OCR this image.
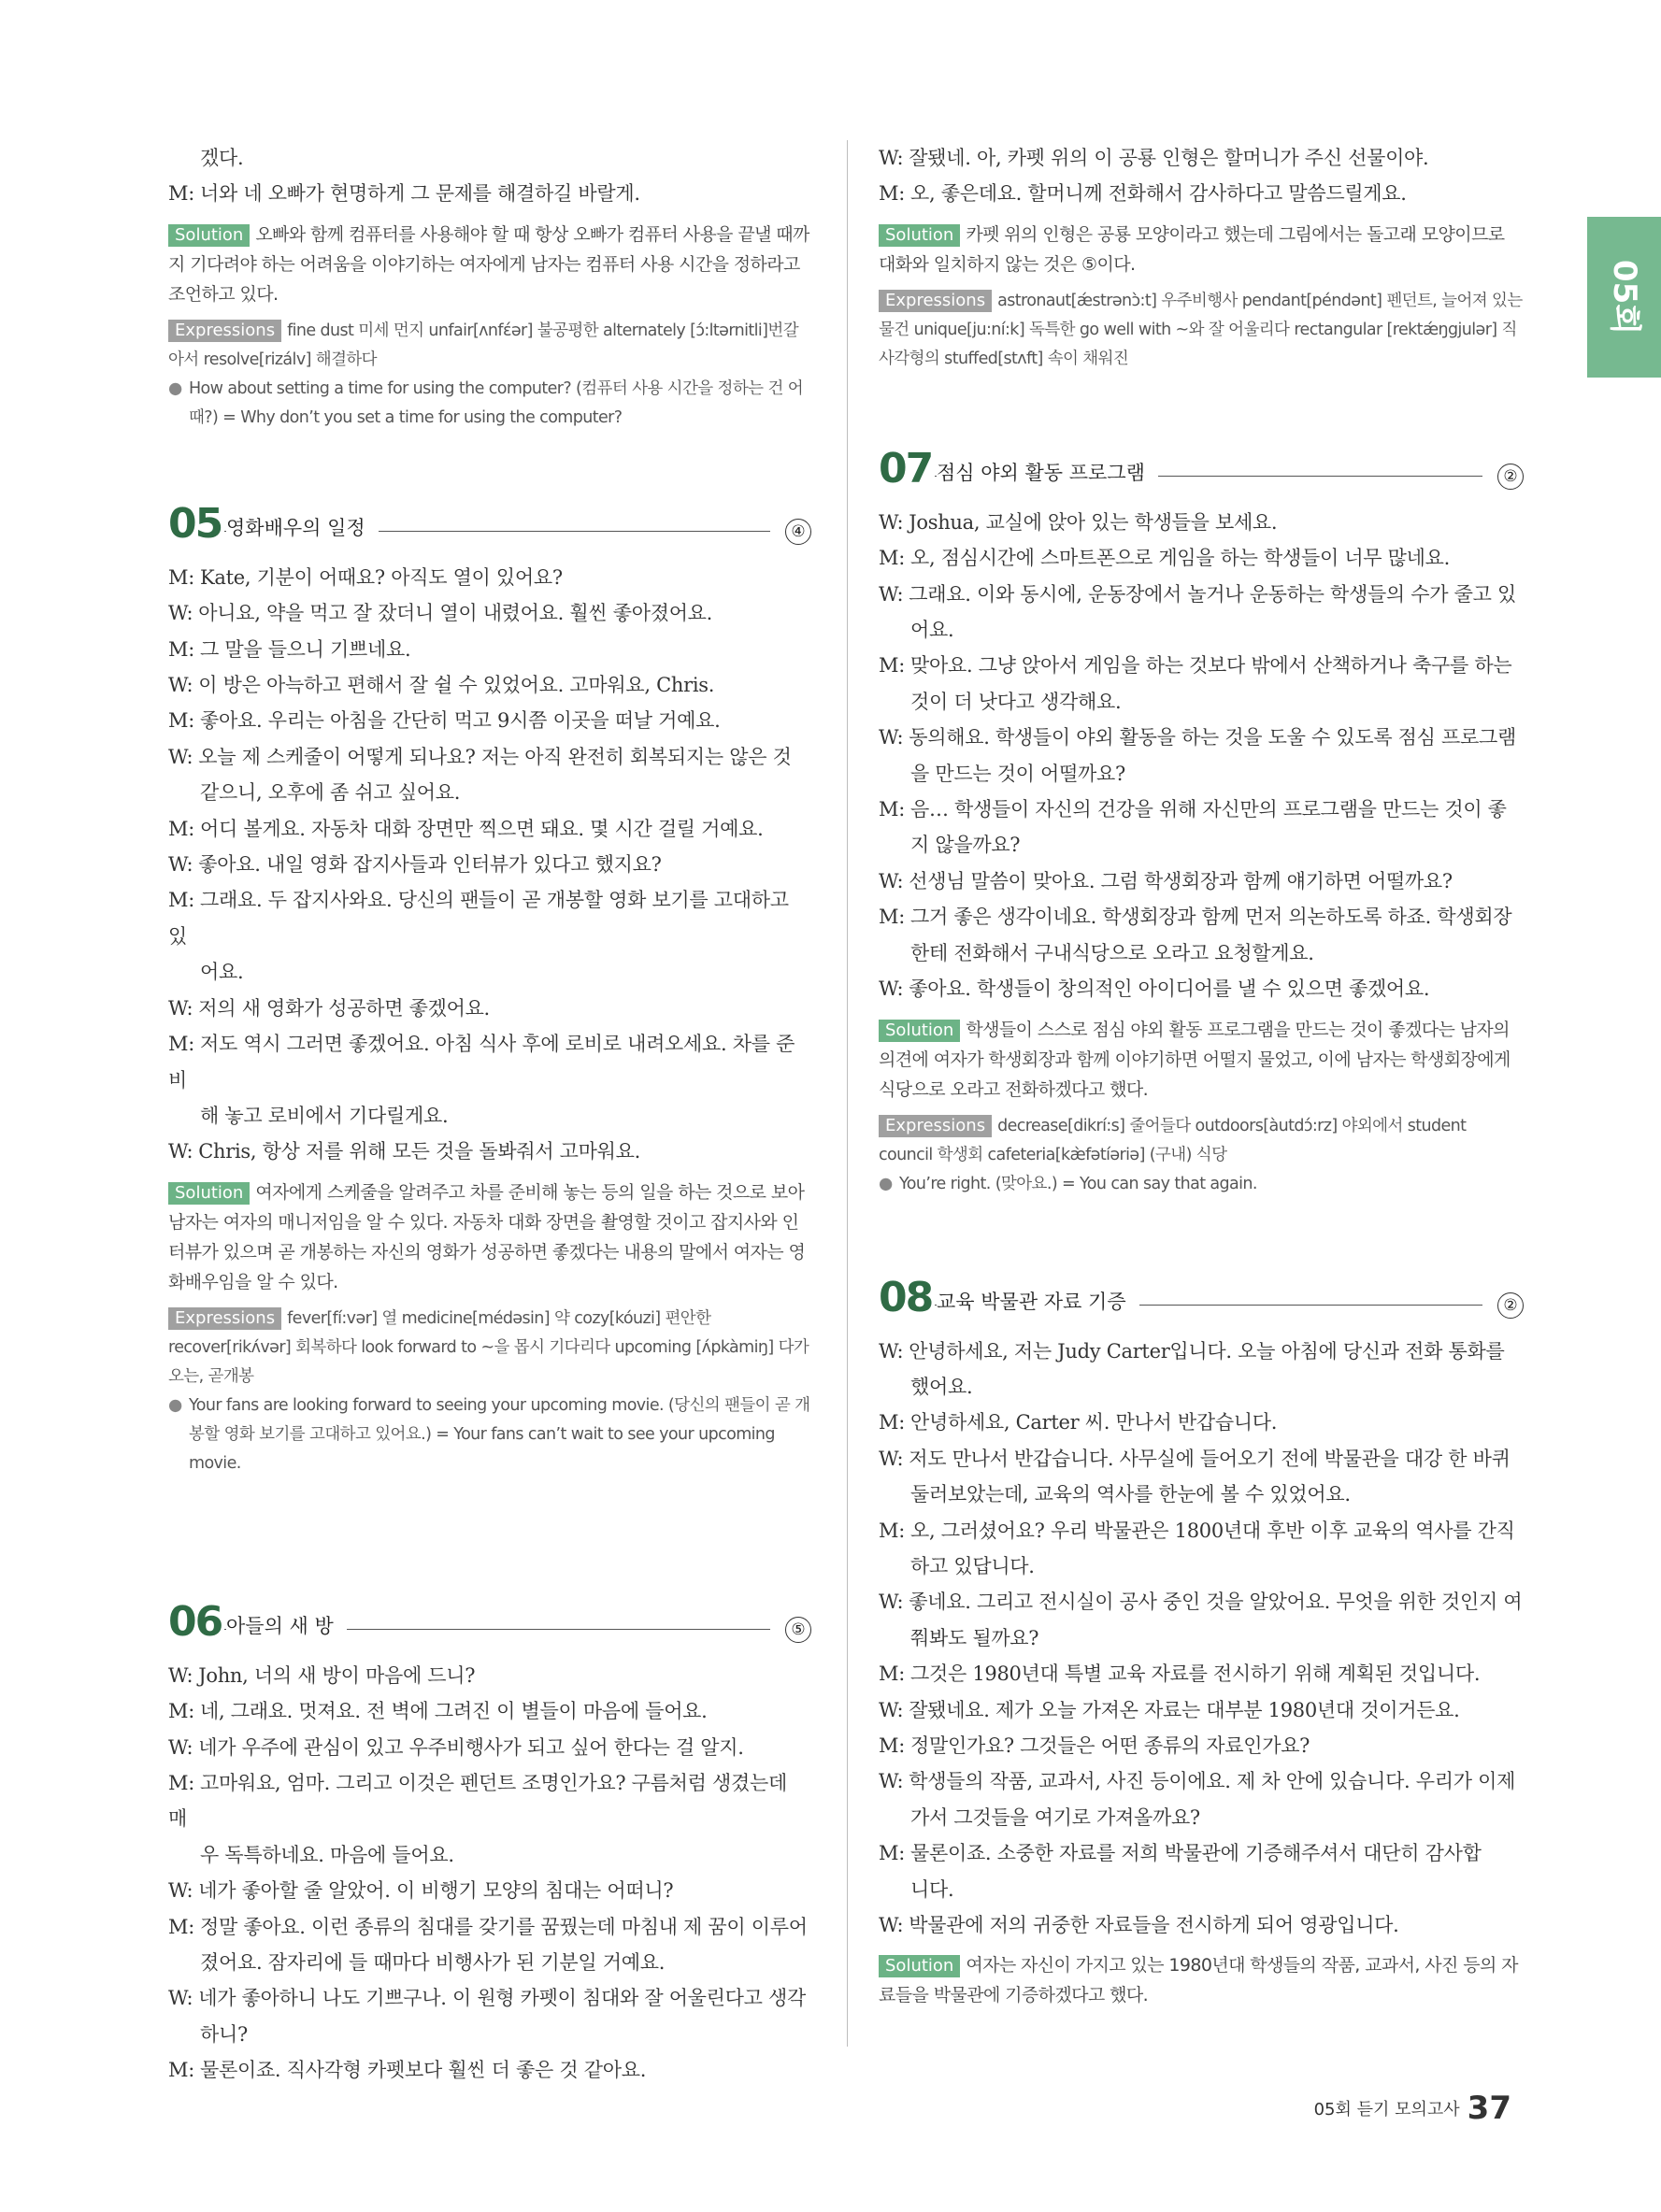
겠다.
M: 너와 네 오빠가 현명하게 그 문제를 해결하길 바랄게.
Solution 오빠와 함께 컴퓨터를 사용해야 할 때 항상 오빠가 컴퓨터 사용을 끝낼 때까지 기다려야 하는 어려움을 이야기하는 여자에게 남자는 컴퓨터 사용 시간을 정하라고 조언하고 있다.
Expressions fine dust 미세 먼지 unfair[ʌnfέər] 불공평한 alternately [ɔ́:ltərnitli]번갈아서 resolve[rizálv] 해결하다
● How about setting a time for using the computer? (컴퓨터 사용 시간을 정하는 건 어때?) = Why don’t you set a time for using the computer?
05 영화배우의 일정	④
M: Kate, 기분이 어때요? 아직도 열이 있어요?
W: 아니요, 약을 먹고 잘 잤더니 열이 내렸어요. 훨씬 좋아졌어요.
M: 그 말을 들으니 기쁘네요.
W: 이 방은 아늑하고 편해서 잘 쉴 수 있었어요. 고마워요, Chris.
M: 좋아요. 우리는 아침을 간단히 먹고 9시쯤 이곳을 떠날 거예요.
W: 오늘 제 스케줄이 어떻게 되나요? 저는 아직 완전히 회복되지는 않은 것
같으니, 오후에 좀 쉬고 싶어요.
M: 어디 볼게요. 자동차 대화 장면만 찍으면 돼요. 몇 시간 걸릴 거예요.
W: 좋아요. 내일 영화 잡지사들과 인터뷰가 있다고 했지요?
M: 그래요. 두 잡지사와요. 당신의 팬들이 곧 개봉할 영화 보기를 고대하고 있
어요.
W: 저의 새 영화가 성공하면 좋겠어요.
M: 저도 역시 그러면 좋겠어요. 아침 식사 후에 로비로 내려오세요. 차를 준비
해 놓고 로비에서 기다릴게요.
W: Chris, 항상 저를 위해 모든 것을 돌봐줘서 고마워요.
Solution 여자에게 스케줄을 알려주고 차를 준비해 놓는 등의 일을 하는 것으로 보아 남자는 여자의 매니저임을 알 수 있다. 자동차 대화 장면을 촬영할 것이고 잡지사와 인터뷰가 있으며 곧 개봉하는 자신의 영화가 성공하면 좋겠다는 내용의 말에서 여자는 영화배우임을 알 수 있다.
Expressions fever[fí:vər] 열 medicine[médəsin] 약 cozy[kóuzi] 편안한 recover[rikʌ́vər] 회복하다 look forward to ~을 몹시 기다리다 upcoming [ʌ́pkàmiŋ] 다가오는, 곧개봉
● Your fans are looking forward to seeing your upcoming movie. (당신의 팬들이 곧 개봉할 영화 보기를 고대하고 있어요.) = Your fans can’t wait to see your upcoming movie.
06 아들의 새 방	⑤
W: John, 너의 새 방이 마음에 드니?
M: 네, 그래요. 멋져요. 전 벽에 그려진 이 별들이 마음에 들어요.
W: 네가 우주에 관심이 있고 우주비행사가 되고 싶어 한다는 걸 알지.
M: 고마워요, 엄마. 그리고 이것은 펜던트 조명인가요? 구름처럼 생겼는데 매
우 독특하네요. 마음에 들어요.
W: 네가 좋아할 줄 알았어. 이 비행기 모양의 침대는 어떠니?
M: 정말 좋아요. 이런 종류의 침대를 갖기를 꿈꿨는데 마침내 제 꿈이 이루어
졌어요. 잠자리에 들 때마다 비행사가 된 기분일 거예요.
W: 네가 좋아하니 나도 기쁘구나. 이 원형 카펫이 침대와 잘 어울린다고 생각
하니?
M: 물론이죠. 직사각형 카펫보다 훨씬 더 좋은 것 같아요.
W: 잘됐네. 아, 카펫 위의 이 공룡 인형은 할머니가 주신 선물이야.
M: 오, 좋은데요. 할머니께 전화해서 감사하다고 말씀드릴게요.
Solution 카펫 위의 인형은 공룡 모양이라고 했는데 그림에서는 돌고래 모양이므로 대화와 일치하지 않는 것은 ⑤이다.
Expressions astronaut[ǽstrənɔ̀:t] 우주비행사 pendant[péndənt] 펜던트, 늘어져 있는 물건 unique[ju:ní:k] 독특한 go well with ~와 잘 어울리다 rectangular [rektǽŋgjulər] 직사각형의 stuffed[stʌft] 속이 채워진
07 점심 야외 활동 프로그램	②
W: Joshua, 교실에 앉아 있는 학생들을 보세요.
M: 오, 점심시간에 스마트폰으로 게임을 하는 학생들이 너무 많네요.
W: 그래요. 이와 동시에, 운동장에서 놀거나 운동하는 학생들의 수가 줄고 있
어요.
M: 맞아요. 그냥 앉아서 게임을 하는 것보다 밖에서 산책하거나 축구를 하는
것이 더 낫다고 생각해요.
W: 동의해요. 학생들이 야외 활동을 하는 것을 도울 수 있도록 점심 프로그램
을 만드는 것이 어떨까요?
M: 음… 학생들이 자신의 건강을 위해 자신만의 프로그램을 만드는 것이 좋
지 않을까요?
W: 선생님 말씀이 맞아요. 그럼 학생회장과 함께 얘기하면 어떨까요?
M: 그거 좋은 생각이네요. 학생회장과 함께 먼저 의논하도록 하죠. 학생회장
한테 전화해서 구내식당으로 오라고 요청할게요.
W: 좋아요. 학생들이 창의적인 아이디어를 낼 수 있으면 좋겠어요.
Solution 학생들이 스스로 점심 야외 활동 프로그램을 만드는 것이 좋겠다는 남자의 의견에 여자가 학생회장과 함께 이야기하면 어떨지 물었고, 이에 남자는 학생회장에게 식당으로 오라고 전화하겠다고 했다.
Expressions decrease[dikrí:s] 줄어들다 outdoors[àutdɔ́:rz] 야외에서 student council 학생회 cafeteria[kæ̀fətíəriə] (구내) 식당
● You’re right. (맞아요.) = You can say that again.
08 교육 박물관 자료 기증	②
W: 안녕하세요, 저는 Judy Carter입니다. 오늘 아침에 당신과 전화 통화를
했어요.
M: 안녕하세요, Carter 씨. 만나서 반갑습니다.
W: 저도 만나서 반갑습니다. 사무실에 들어오기 전에 박물관을 대강 한 바퀴
둘러보았는데, 교육의 역사를 한눈에 볼 수 있었어요.
M: 오, 그러셨어요? 우리 박물관은 1800년대 후반 이후 교육의 역사를 간직
하고 있답니다.
W: 좋네요. 그리고 전시실이 공사 중인 것을 알았어요. 무엇을 위한 것인지 여
쭤봐도 될까요?
M: 그것은 1980년대 특별 교육 자료를 전시하기 위해 계획된 것입니다.
W: 잘됐네요. 제가 오늘 가져온 자료는 대부분 1980년대 것이거든요.
M: 정말인가요? 그것들은 어떤 종류의 자료인가요?
W: 학생들의 작품, 교과서, 사진 등이에요. 제 차 안에 있습니다. 우리가 이제
가서 그것들을 여기로 가져올까요?
M: 물론이죠. 소중한 자료를 저희 박물관에 기증해주셔서 대단히 감사합
니다.
W: 박물관에 저의 귀중한 자료들을 전시하게 되어 영광입니다.
Solution 여자는 자신이 가지고 있는 1980년대 학생들의 작품, 교과서, 사진 등의 자료들을 박물관에 기증하겠다고 했다.
05회
05회 듣기 모의고사 37
